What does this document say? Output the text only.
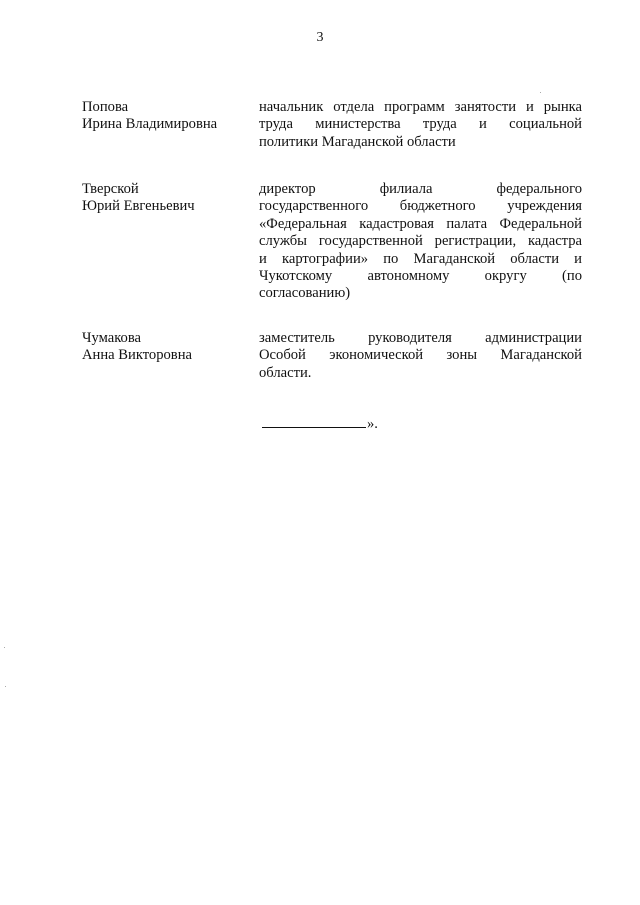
3
Попова
Ирина Владимировна
начальник отдела программ занятости и рынка
труда министерства труда и социальной
политики Магаданской области
Тверской
Юрий Евгеньевич
директор филиала федерального
государственного бюджетного учреждения
«Федеральная кадастровая палата Федеральной
службы государственной регистрации, кадастра
и картографии» по Магаданской области и
Чукотскому автономному округу (по
согласованию)
Чумакова
Анна Викторовна
заместитель руководителя администрации
Особой экономической зоны Магаданской
области.
».
